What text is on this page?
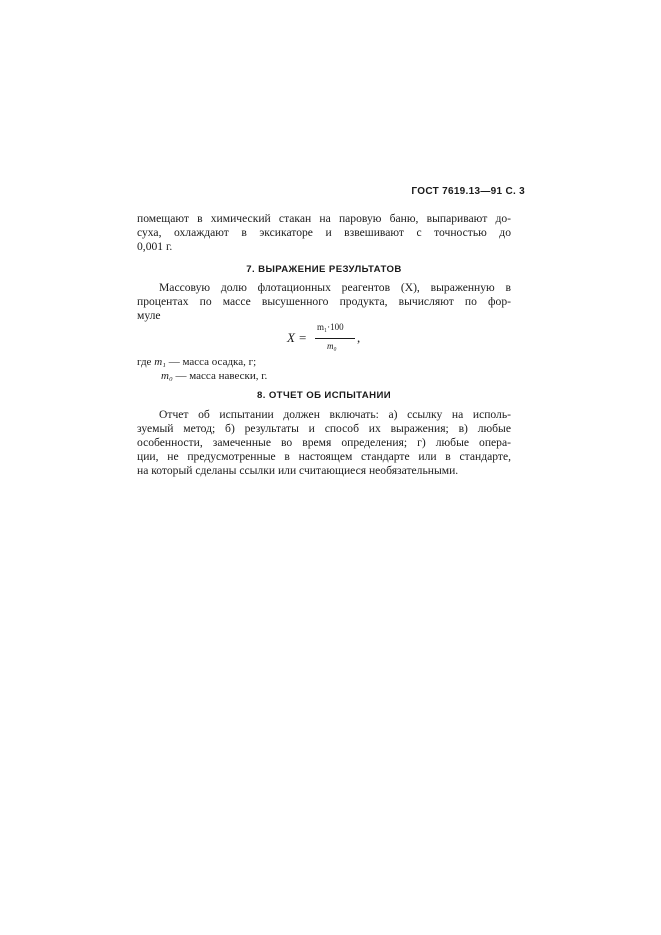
ГОСТ 7619.13—91 С. 3
помещают в химический стакан на паровую баню, выпаривают до-
суха, охлаждают в эксикаторе и взвешивают с точностью до
0,001 г.
7. ВЫРАЖЕНИЕ РЕЗУЛЬТАТОВ
Массовую долю флотационных реагентов (X), выраженную в
процентах по массе высушенного продукта, вычисляют по фор-
муле
X =
m₁·100
m₀
,
где m₁ — масса осадка, г;
m₀ — масса навески, г.
8. ОТЧЕТ ОБ ИСПЫТАНИИ
Отчет об испытании должен включать: а) ссылку на исполь-
зуемый метод; б) результаты и способ их выражения; в) любые
особенности, замеченные во время определения; г) любые опера-
ции, не предусмотренные в настоящем стандарте или в стандарте,
на который сделаны ссылки или считающиеся необязательными.
